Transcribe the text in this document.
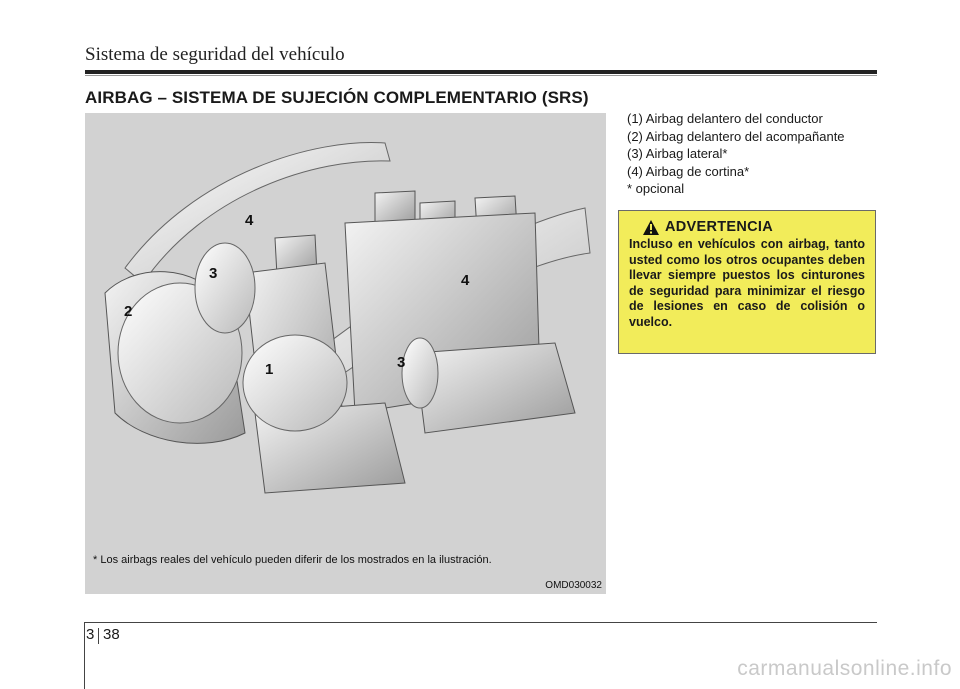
Sistema de seguridad del vehículo
AIRBAG – SISTEMA DE SUJECIÓN COMPLEMENTARIO (SRS)
4
3
2
1
4
3
* Los airbags reales del vehículo pueden diferir de los mostrados en la ilustración.
OMD030032
(1) Airbag delantero del conductor
(2) Airbag delantero del acompañante
(3) Airbag lateral*
(4) Airbag de cortina*
* opcional
ADVERTENCIA
Incluso en vehículos con airbag, tanto usted como los otros ocupantes deben llevar siempre puestos los cinturones de seguridad para minimizar el riesgo de lesiones en caso de colisión o vuelco.
3 38
carmanualsonline.info
